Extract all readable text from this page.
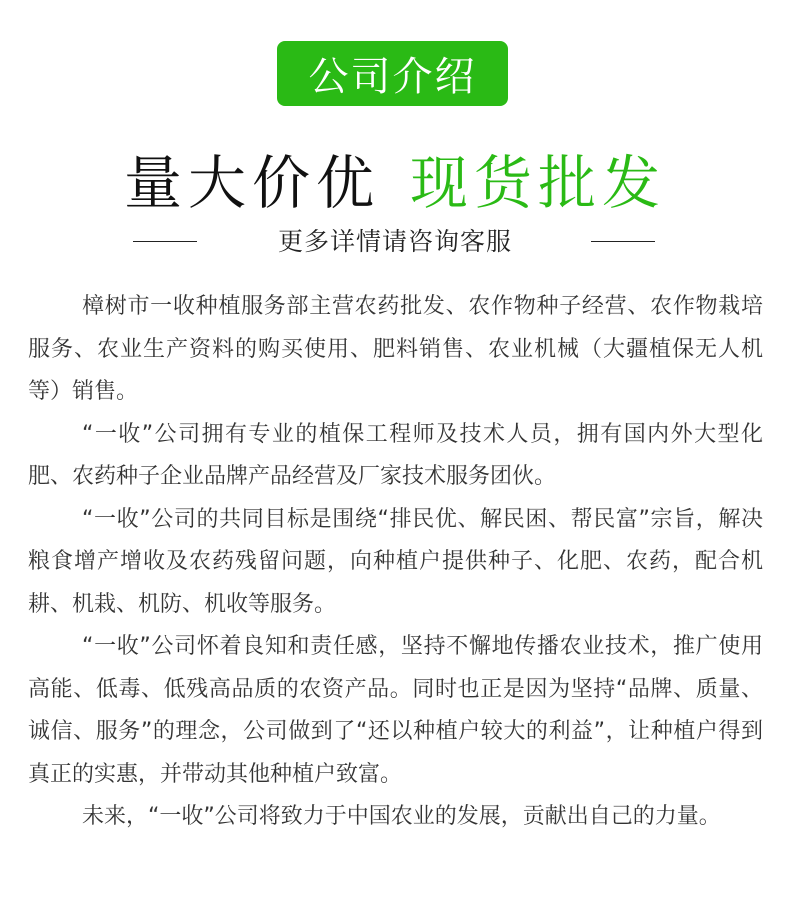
公司介绍
量大价优 现货批发
更多详情请咨询客服

樟树市一收种植服务部主营农药批发、农作物种子经营、农作物栽培服务、农业生产资料的购买使用、肥料销售、农业机械（大疆植保无人机等）销售。

“一收”公司拥有专业的植保工程师及技术人员，拥有国内外大型化肥、农药种子企业品牌产品经营及厂家技术服务团伙。

“一收”公司的共同目标是围绕“排民优、解民困、帮民富”宗旨，解决粮食增产增收及农药残留问题，向种植户提供种子、化肥、农药，配合机耕、机栽、机防、机收等服务。

“一收”公司怀着良知和责任感，坚持不懈地传播农业技术，推广使用高能、低毒、低残高品质的农资产品。同时也正是因为坚持“品牌、质量、诚信、服务”的理念，公司做到了“还以种植户较大的利益”，让种植户得到真正的实惠，并带动其他种植户致富。

未来，“一收”公司将致力于中国农业的发展，贡献出自己的力量。
